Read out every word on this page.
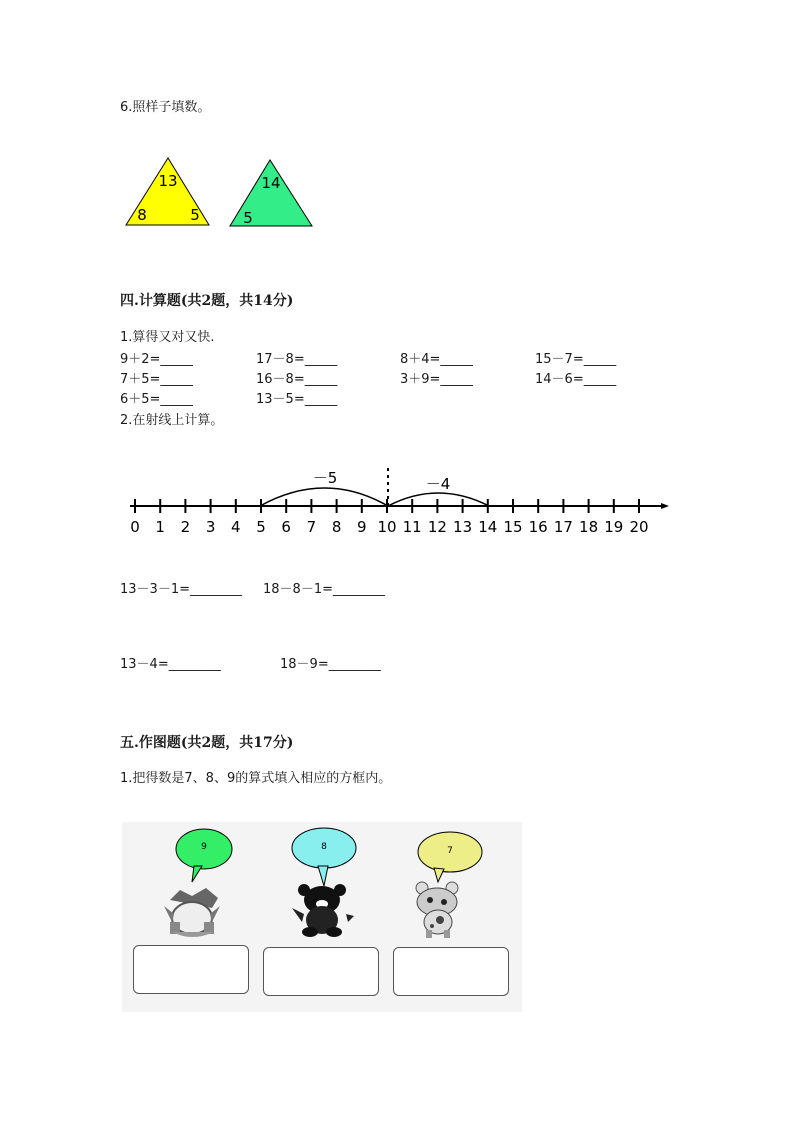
6.照样子填数。
13
8	5
14
5
四.计算题(共2题，共14分)
1.算得又对又快.
9＋2=_____	17－8=_____	8＋4=_____	15－7=_____
7＋5=_____	16－8=_____	3＋9=_____	14－6=_____
6＋5=_____	13－5=_____
2.在射线上计算。
－5	－4
0 1 2 3 4 5 6 7 8 9 10 11 12 13 14 15 16 17 18 19 20
13－3－1=________ 18－8－1=________
13－4=________	18－9=________
五.作图题(共2题，共17分)
1.把得数是7、8、9的算式填入相应的方框内。
9	8	7
